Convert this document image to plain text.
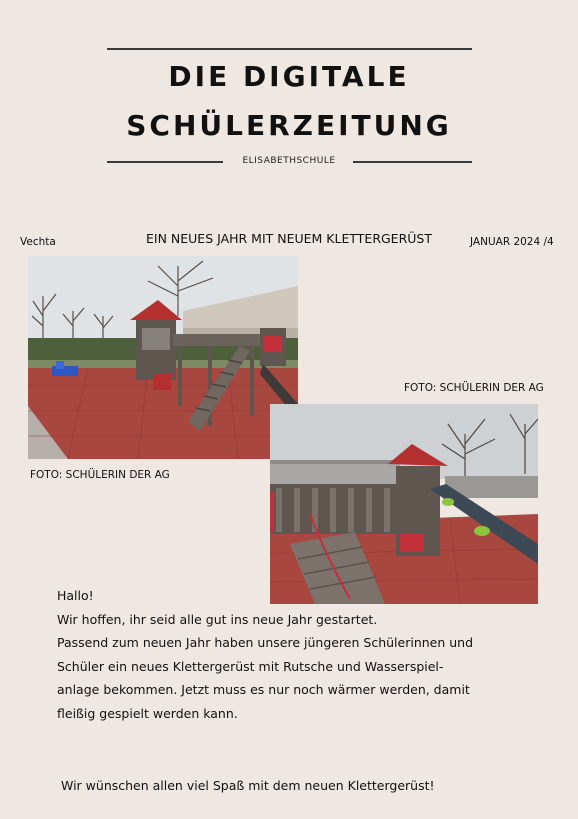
DIE DIGITALE
SCHÜLERZEITUNG
ELISABETHSCHULE
Vechta	EIN NEUES JAHR MIT NEUEM KLETTERGERÜST	JANUAR 2024 /4
FOTO: SCHÜLERIN DER AG
FOTO: SCHÜLERIN DER AG

Hallo!

Wir hoffen, ihr seid alle gut ins neue Jahr gestartet.

Passend zum neuen Jahr haben unsere jüngeren Schülerinnen und

Schüler ein neues Klettergerüst mit Rutsche und Wasserspiel-

anlage bekommen. Jetzt muss es nur noch wärmer werden, damit

fleißig gespielt werden kann.

Wir wünschen allen viel Spaß mit dem neuen Klettergerüst!
